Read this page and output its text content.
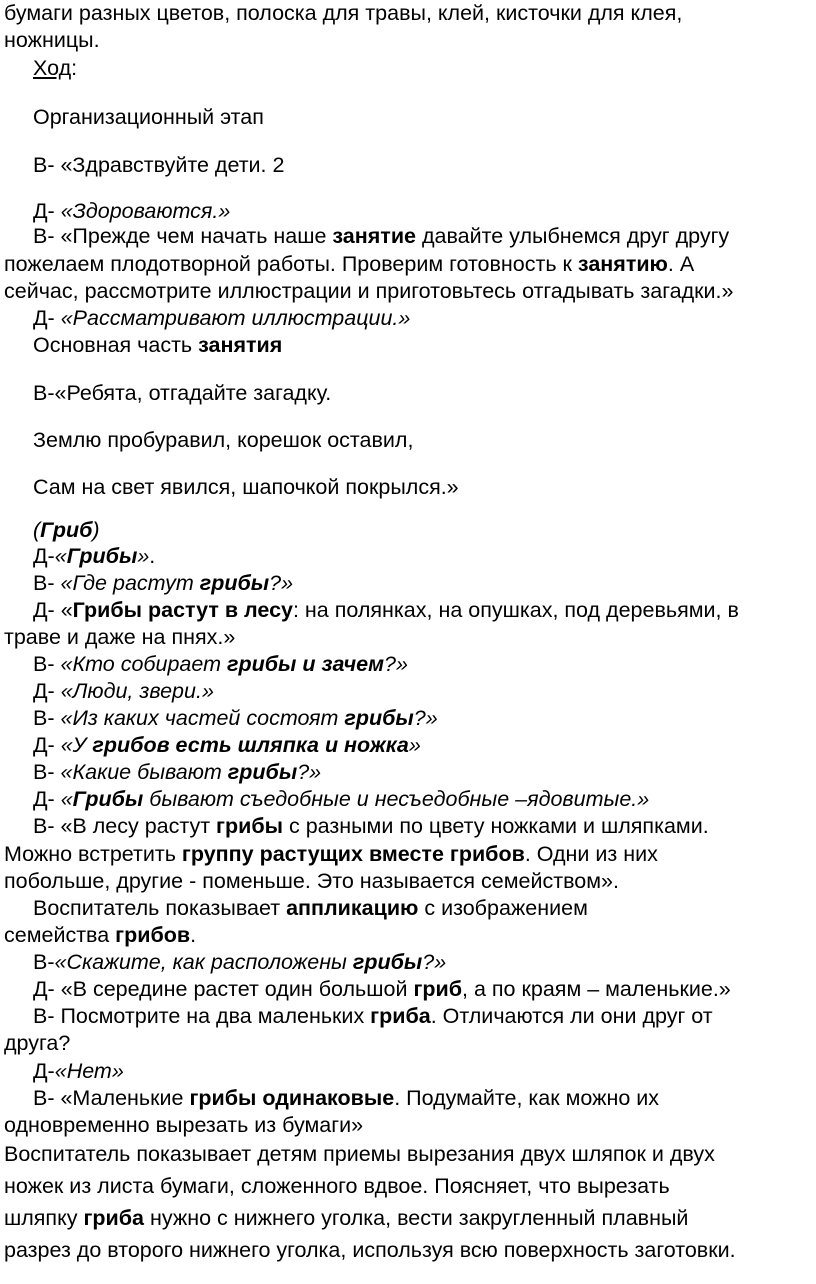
бумаги разных цветов, полоска для травы, клей, кисточки для клея,
ножницы.
Ход:
Организационный этап
В- «Здравствуйте дети. 2
Д- «Здороваются.»
В- «Прежде чем начать наше занятие давайте улыбнемся друг другу
пожелаем плодотворной работы. Проверим готовность к занятию. А
сейчас, рассмотрите иллюстрации и приготовьтесь отгадывать загадки.»
Д- «Рассматривают иллюстрации.»
Основная часть занятия
В-«Ребята, отгадайте загадку.
Землю пробуравил, корешок оставил,
Сам на свет явился, шапочкой покрылся.»
(Гриб)
Д-«Грибы».
В- «Где растут грибы?»
Д- «Грибы растут в лесу: на полянках, на опушках, под деревьями, в
траве и даже на пнях.»
В- «Кто собирает грибы и зачем?»
Д- «Люди, звери.»
В- «Из каких частей состоят грибы?»
Д- «У грибов есть шляпка и ножка»
В- «Какие бывают грибы?»
Д- «Грибы бывают съедобные и несъедобные –ядовитые.»
В- «В лесу растут грибы с разными по цвету ножками и шляпками.
Можно встретить группу растущих вместе грибов. Одни из них
побольше, другие - поменьше. Это называется семейством».
Воспитатель показывает аппликацию с изображением
семейства грибов.
В-«Скажите, как расположены грибы?»
Д- «В середине растет один большой гриб, а по краям – маленькие.»
В- Посмотрите на два маленьких гриба. Отличаются ли они друг от
друга?
Д-«Нет»
В- «Маленькие грибы одинаковые. Подумайте, как можно их
одновременно вырезать из бумаги»
Воспитатель показывает детям приемы вырезания двух шляпок и двух
ножек из листа бумаги, сложенного вдвое. Поясняет, что вырезать
шляпку гриба нужно с нижнего уголка, вести закругленный плавный
разрез до второго нижнего уголка, используя всю поверхность заготовки.
